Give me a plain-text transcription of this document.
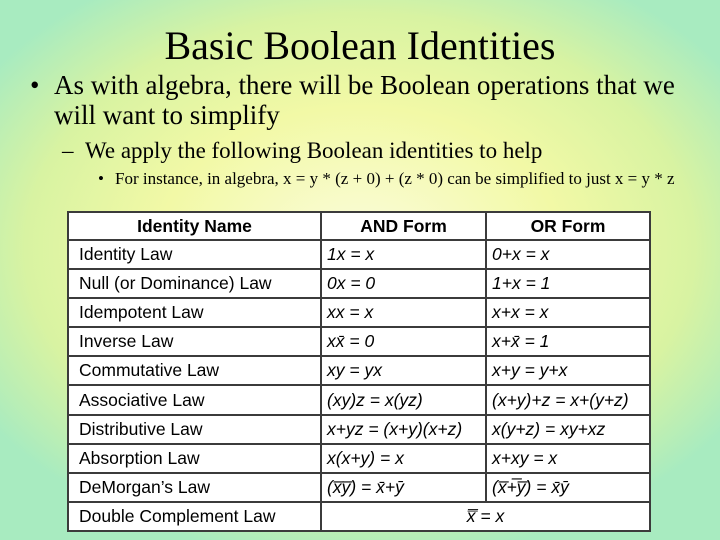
Basic Boolean Identities
• As with algebra, there will be Boolean operations that we will want to simplify
– We apply the following Boolean identities to help
• For instance, in algebra, x = y * (z + 0) + (z * 0) can be simplified to just x = y * z
Identity Name	AND Form	OR Form
Identity Law	1x = x	0+x = x
Null (or Dominance) Law	0x = 0	1+x = 1
Idempotent Law	xx = x	x+x = x
Inverse Law	xx̄ = 0	x+x̄ = 1
Commutative Law	xy = yx	x+y = y+x
Associative Law	(xy)z = x(yz)	(x+y)+z = x+(y+z)
Distributive Law	x+yz = (x+y)(x+z)	x(y+z) = xy+xz
Absorption Law	x(x+y) = x	x+xy = x
DeMorgan’s Law	(x̅y̅) = x̄+ȳ	(x̅+̅y̅) = x̄ȳ
Double Complement Law	x̿ = x	
